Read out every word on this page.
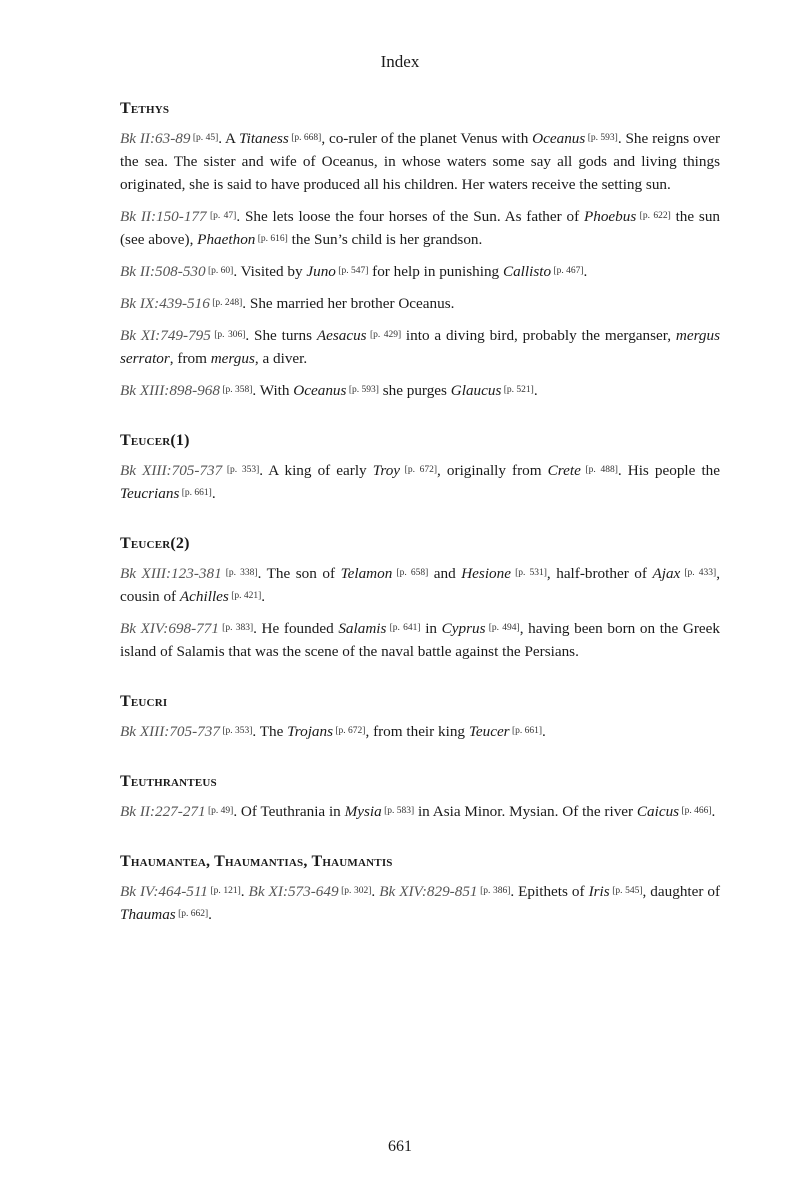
Index
Tethys
Bk II:63-89 [p. 45]. A Titaness [p. 668], co-ruler of the planet Venus with Oceanus [p. 593]. She reigns over the sea. The sister and wife of Oceanus, in whose waters some say all gods and living things originated, she is said to have produced all his children. Her waters receive the setting sun.
Bk II:150-177 [p. 47]. She lets loose the four horses of the Sun. As father of Phoebus [p. 622] the sun (see above), Phaethon [p. 616] the Sun’s child is her grandson.
Bk II:508-530 [p. 60]. Visited by Juno [p. 547] for help in punishing Callisto [p. 467].
Bk IX:439-516 [p. 248]. She married her brother Oceanus.
Bk XI:749-795 [p. 306]. She turns Aesacus [p. 429] into a diving bird, probably the merganser, mergus serrator, from mergus, a diver.
Bk XIII:898-968 [p. 358]. With Oceanus [p. 593] she purges Glaucus [p. 521].
Teucer(1)
Bk XIII:705-737 [p. 353]. A king of early Troy [p. 672], originally from Crete [p. 488]. His people the Teucrians [p. 661].
Teucer(2)
Bk XIII:123-381 [p. 338]. The son of Telamon [p. 658] and Hesione [p. 531], half-brother of Ajax [p. 433], cousin of Achilles [p. 421].
Bk XIV:698-771 [p. 383]. He founded Salamis [p. 641] in Cyprus [p. 494], having been born on the Greek island of Salamis that was the scene of the naval battle against the Persians.
Teucri
Bk XIII:705-737 [p. 353]. The Trojans [p. 672], from their king Teucer [p. 661].
Teuthranteus
Bk II:227-271 [p. 49]. Of Teuthrania in Mysia [p. 583] in Asia Minor. Mysian. Of the river Caicus [p. 466].
Thaumantea, Thaumantias, Thaumantis
Bk IV:464-511 [p. 121]. Bk XI:573-649 [p. 302]. Bk XIV:829-851 [p. 386]. Epithets of Iris [p. 545], daughter of Thaumas [p. 662].
661
